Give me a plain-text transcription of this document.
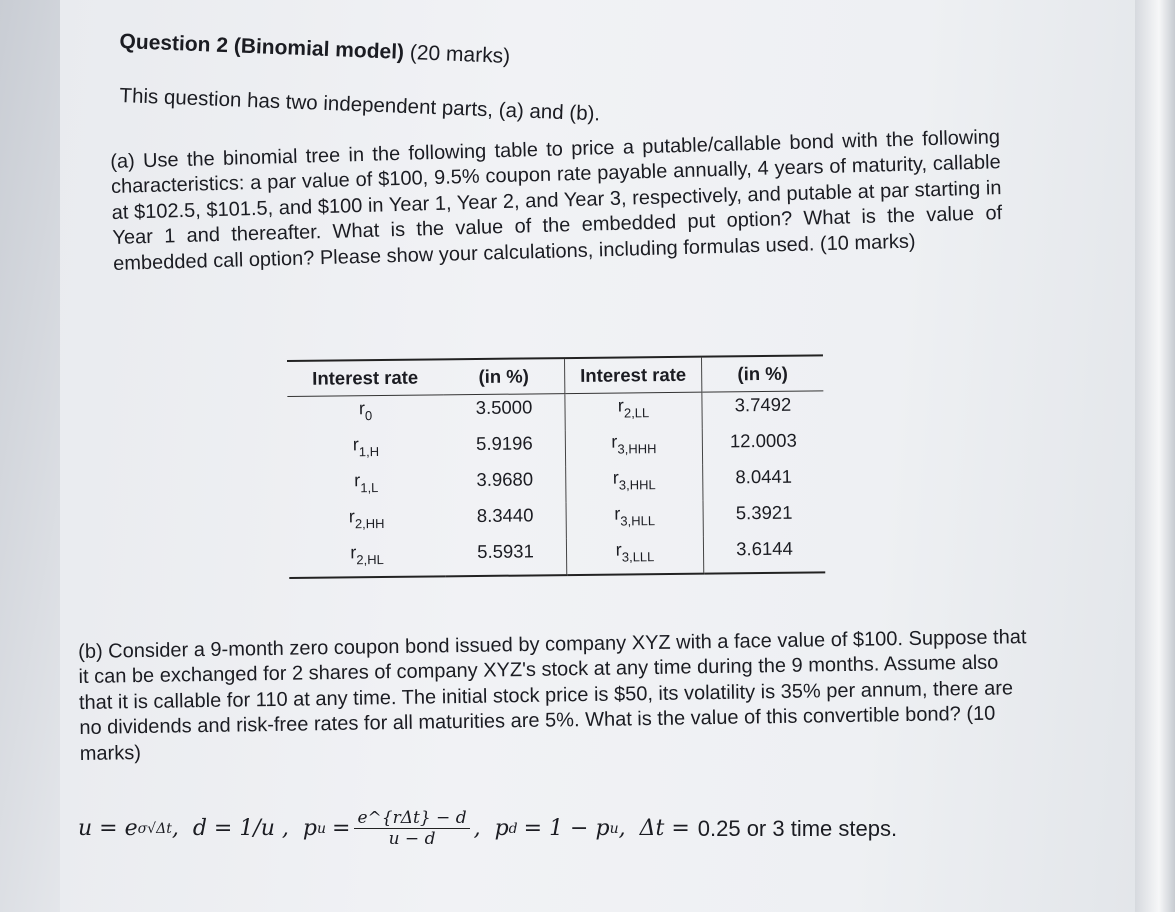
Question 2 (Binomial model) (20 marks)
This question has two independent parts, (a) and (b).
(a) Use the binomial tree in the following table to price a putable/callable bond with the following characteristics: a par value of $100, 9.5% coupon rate payable annually, 4 years of maturity, callable at $102.5, $101.5, and $100 in Year 1, Year 2, and Year 3, respectively, and putable at par starting in Year 1 and thereafter. What is the value of the embedded put option? What is the value of embedded call option? Please show your calculations, including formulas used. (10 marks)
Interest rate	(in %)	Interest rate	(in %)
$r_0$	3.5000	$r_{2,LL}$	3.7492
$r_{1,H}$	5.9196	$r_{3,HHH}$	12.0003
$r_{1,L}$	3.9680	$r_{3,HHL}$	8.0441
$r_{2,HH}$	8.3440	$r_{3,HLL}$	5.3921
$r_{2,HL}$	5.5931	$r_{3,LLL}$	3.6144
(b) Consider a 9-month zero coupon bond issued by company XYZ with a face value of $100. Suppose that it can be exchanged for 2 shares of company XYZ's stock at any time during the 9 months. Assume also that it is callable for 110 at any time. The initial stock price is $50, its volatility is 35% per annum, there are no dividends and risk-free rates for all maturities are 5%. What is the value of this convertible bond? (10 marks)
u = e σ√Δt , d = 1/u , p $u = \frac{\text{e\textasciicircum{}\{rΔt\} − d}}{u - d}$ , p d = 1 − p u , Δt = 0.25 or 3 time steps.
